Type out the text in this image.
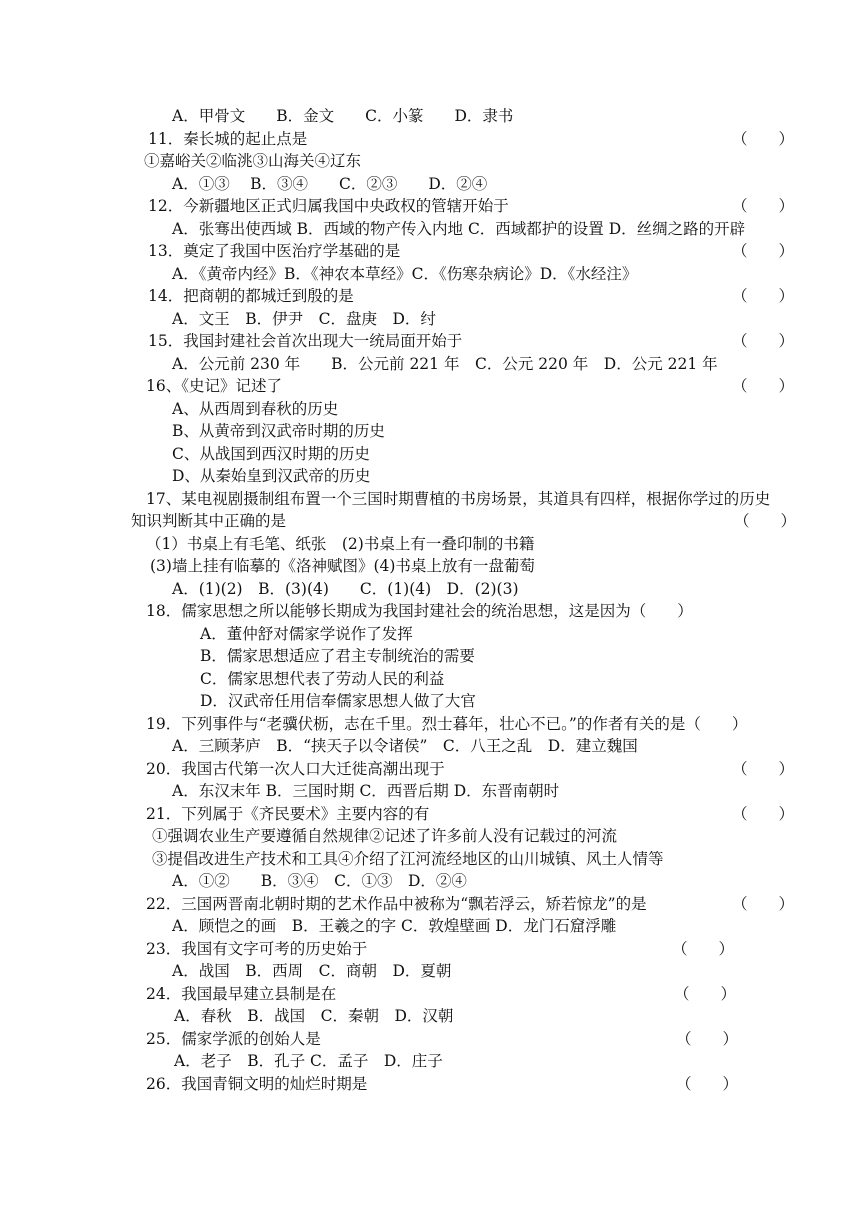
A．甲骨文　　B．金文　　C．小篆　　D．隶书
11．秦长城的起止点是	（　　）
①嘉峪关②临洮③山海关④辽东
A．①③　 B．③④　　C．②③　　D．②④
12．今新疆地区正式归属我国中央政权的管辖开始于	（　　）
A．张骞出使西域 B．西域的物产传入内地 C．西域都护的设置 D．丝绸之路的开辟
13．奠定了我国中医治疗学基础的是	（　　）
A．《黄帝内经》B．《神农本草经》C．《伤寒杂病论》D．《水经注》
14．把商朝的都城迁到殷的是	（　　）
A．文王　B．伊尹　C．盘庚　D．纣
15．我国封建社会首次出现大一统局面开始于	（　　）
A．公元前 230 年　　B．公元前 221 年　C．公元 220 年　D．公元 221 年
16、《史记》记述了	（　　）
A、从西周到春秋的历史
B、从黄帝到汉武帝时期的历史
C、从战国到西汉时期的历史
D、从秦始皇到汉武帝的历史
17、某电视剧摄制组布置一个三国时期曹植的书房场景，其道具有四样，根据你学过的历史
知识判断其中正确的是	（　　）
（1）书桌上有毛笔、纸张　(2)书桌上有一叠印制的书籍
(3)墙上挂有临摹的《洛神赋图》(4)书桌上放有一盘葡萄
A．(1)(2)　B．(3)(4)　　C．(1)(4)　D．(2)(3)
18．儒家思想之所以能够长期成为我国封建社会的统治思想，这是因为（　　）
A．董仲舒对儒家学说作了发挥
B．儒家思想适应了君主专制统治的需要
C．儒家思想代表了劳动人民的利益
D．汉武帝任用信奉儒家思想人做了大官
19．下列事件与“老骥伏枥，志在千里。烈士暮年，壮心不已。”的作者有关的是（　　）
A．三顾茅庐　B．“挟天子以令诸侯”　C．八王之乱　D．建立魏国
20．我国古代第一次人口大迁徙高潮出现于	（　　）
A．东汉末年 B．三国时期 C．西晋后期 D．东晋南朝时
21．下列属于《齐民要术》主要内容的有	（　　）
①强调农业生产要遵循自然规律②记述了许多前人没有记载过的河流
③提倡改进生产技术和工具④介绍了江河流经地区的山川城镇、风土人情等
A．①②　　B．③④　C．①③　D．②④
22．三国两晋南北朝时期的艺术作品中被称为“飘若浮云，矫若惊龙”的是	（　　）
A．顾恺之的画　B．王羲之的字 C．敦煌壁画 D．龙门石窟浮雕
23．我国有文字可考的历史始于	（　　）
A．战国　B．西周　C．商朝　D．夏朝
24．我国最早建立县制是在	（　　）
A．春秋　B．战国　C．秦朝　D．汉朝
25．儒家学派的创始人是	（　　）
A．老子　B．孔子 C．孟子　D．庄子
26．我国青铜文明的灿烂时期是	（　　）
